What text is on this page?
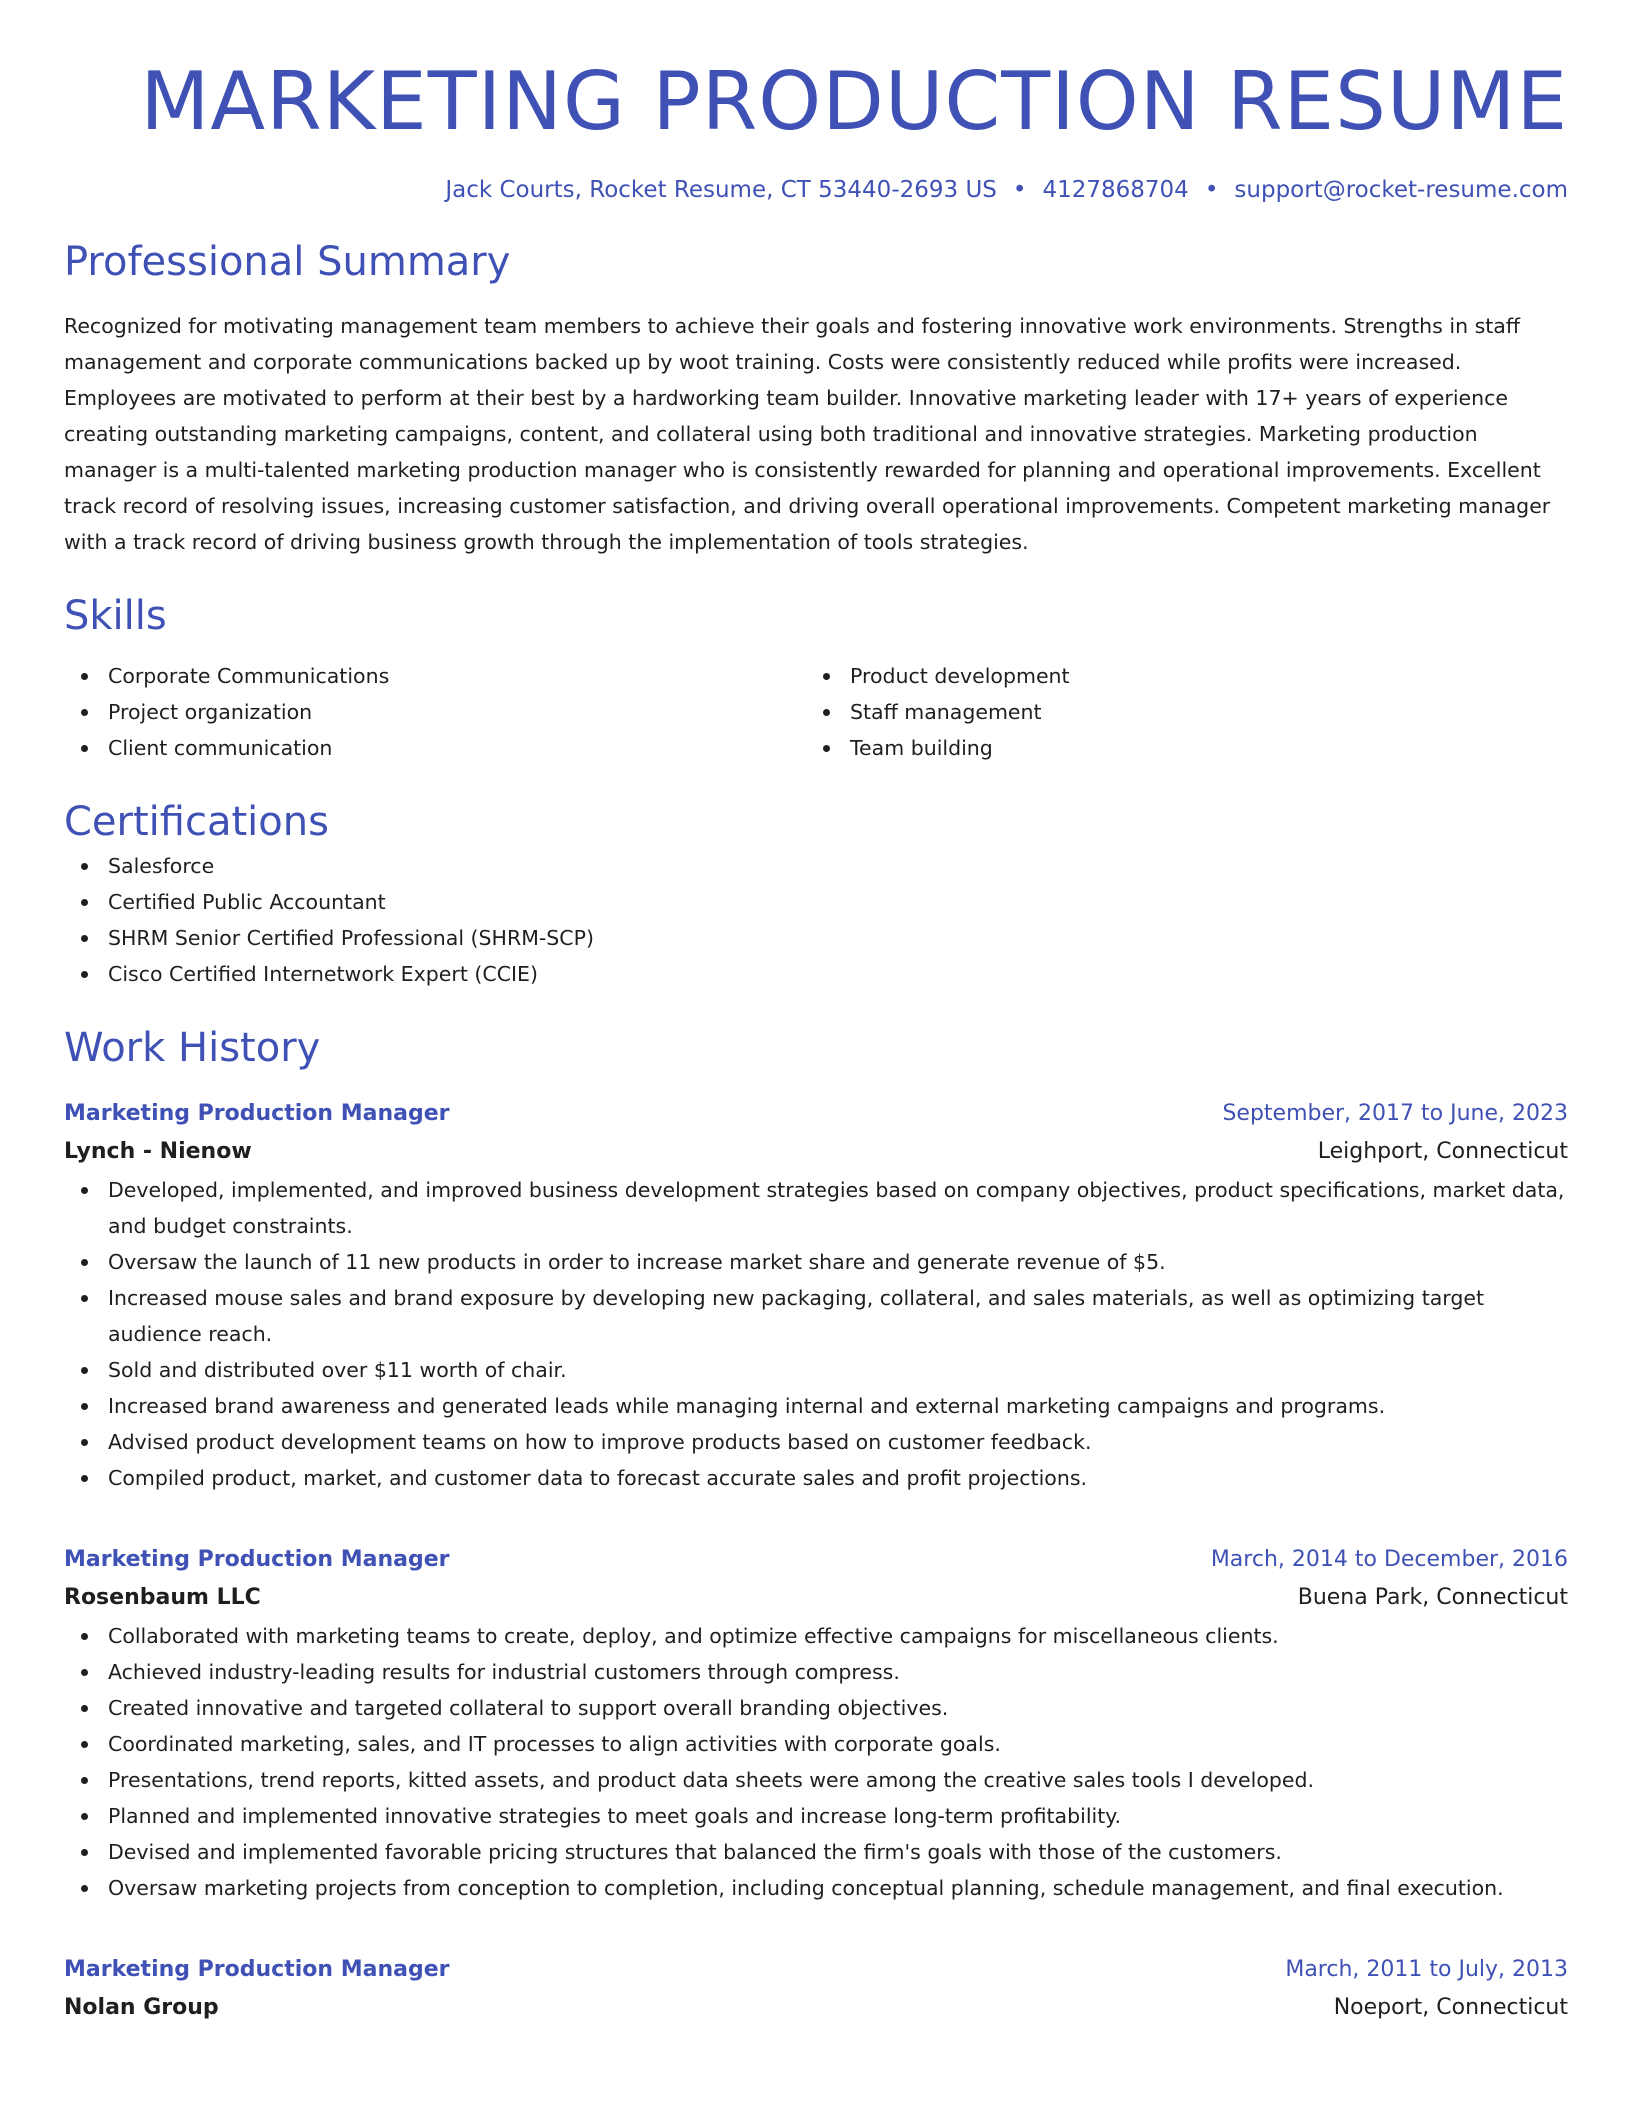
MARKETING PRODUCTION RESUME
Jack Courts, Rocket Resume, CT 53440-2693 US • 4127868704 • support@rocket-resume.com
Professional Summary

Recognized for motivating management team members to achieve their goals and fostering innovative work environments. Strengths in staff management and corporate communications backed up by woot training. Costs were consistently reduced while profits were increased. Employees are motivated to perform at their best by a hardworking team builder. Innovative marketing leader with 17+ years of experience creating outstanding marketing campaigns, content, and collateral using both traditional and innovative strategies. Marketing production manager is a multi-talented marketing production manager who is consistently rewarded for planning and operational improvements. Excellent track record of resolving issues, increasing customer satisfaction, and driving overall operational improvements. Competent marketing manager with a track record of driving business growth through the implementation of tools strategies.

Skills
Corporate Communications
Project organization
Client communication
Product development
Staff management
Team building
Certifications
Salesforce
Certified Public Accountant
SHRM Senior Certified Professional (SHRM-SCP)
Cisco Certified Internetwork Expert (CCIE)
Work History
Marketing Production Manager	September, 2017 to June, 2023
Lynch - Nienow	Leighport, Connecticut
Developed, implemented, and improved business development strategies based on company objectives, product specifications, market data, and budget constraints.
Oversaw the launch of 11 new products in order to increase market share and generate revenue of $5.
Increased mouse sales and brand exposure by developing new packaging, collateral, and sales materials, as well as optimizing target audience reach.
Sold and distributed over $11 worth of chair.
Increased brand awareness and generated leads while managing internal and external marketing campaigns and programs.
Advised product development teams on how to improve products based on customer feedback.
Compiled product, market, and customer data to forecast accurate sales and profit projections.
Marketing Production Manager	March, 2014 to December, 2016
Rosenbaum LLC	Buena Park, Connecticut
Collaborated with marketing teams to create, deploy, and optimize effective campaigns for miscellaneous clients.
Achieved industry-leading results for industrial customers through compress.
Created innovative and targeted collateral to support overall branding objectives.
Coordinated marketing, sales, and IT processes to align activities with corporate goals.
Presentations, trend reports, kitted assets, and product data sheets were among the creative sales tools I developed.
Planned and implemented innovative strategies to meet goals and increase long-term profitability.
Devised and implemented favorable pricing structures that balanced the firm's goals with those of the customers.
Oversaw marketing projects from conception to completion, including conceptual planning, schedule management, and final execution.
Marketing Production Manager	March, 2011 to July, 2013
Nolan Group	Noeport, Connecticut
